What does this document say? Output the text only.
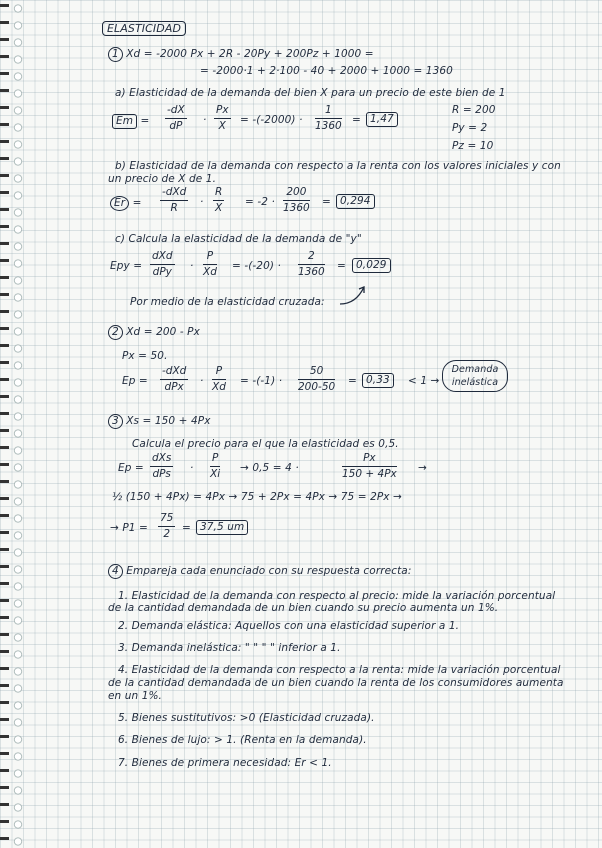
ELASTICIDAD
1 Xd = -2000 Px + 2R - 20Py + 200Pz + 1000 =
= -2000·1 + 2·100 - 40 + 2000 + 1000 = 1360
a) Elasticidad de la demanda del bien X para un precio de este bien de 1
$Em = \frac{-dX}{dP} \cdot \frac{Px}{X} = -(-2000) \cdot \frac{1}{1360} = 1,47$
R = 200
Py = 2
Pz = 10
b) Elasticidad de la demanda con respecto a la renta con los valores iniciales y con
un precio de X de 1.
Er =
-dXd
R	· $\frac{R}{X} = -2 \cdot \frac{200}{1360} = 0,294$
c) Calcula la elasticidad de la demanda de "y"
Epy =
dXd
dPy · $\frac{P}{Xd} = -(-20) \cdot \frac{2}{1360} = 0,029$
Por medio de la elasticidad cruzada:
2 Xd = 200 - Px
Px = 50.
Ep =
-dXd
dPx	· $\frac{P}{Xd} = -(-1) \cdot \frac{50}{200-50} = 0,33$	< 1 →
Demanda inelástica
3 Xs = 150 + 4Px
Calcula el precio para el que la elasticidad es 0,5.
Ep =
dXs
dPs · $\frac{P}{Xi} \to 0,5 = 4$ ·	$\frac{Px}{150 + 4Px}$ →
½ (150 + 4Px) = 4Px → 75 + 2Px = 4Px → 75 = 2Px →
→ $P1 = \frac{75}{2} = 37,5$ um
4 Empareja cada enunciado con su respuesta correcta:
1. Elasticidad de la demanda con respecto al precio: mide la variación porcentual
de la cantidad demandada de un bien cuando su precio aumenta un 1%.
2. Demanda elástica: Aquellos con una elasticidad superior a 1.
3. Demanda inelástica: " " " " inferior a 1.
4. Elasticidad de la demanda con respecto a la renta: mide la variación porcentual
de la cantidad demandada de un bien cuando la renta de los consumidores aumenta
en un 1%.
5. Bienes sustitutivos: >0 (Elasticidad cruzada).
6. Bienes de lujo: > 1. (Renta en la demanda).
7. Bienes de primera necesidad: Er < 1.
